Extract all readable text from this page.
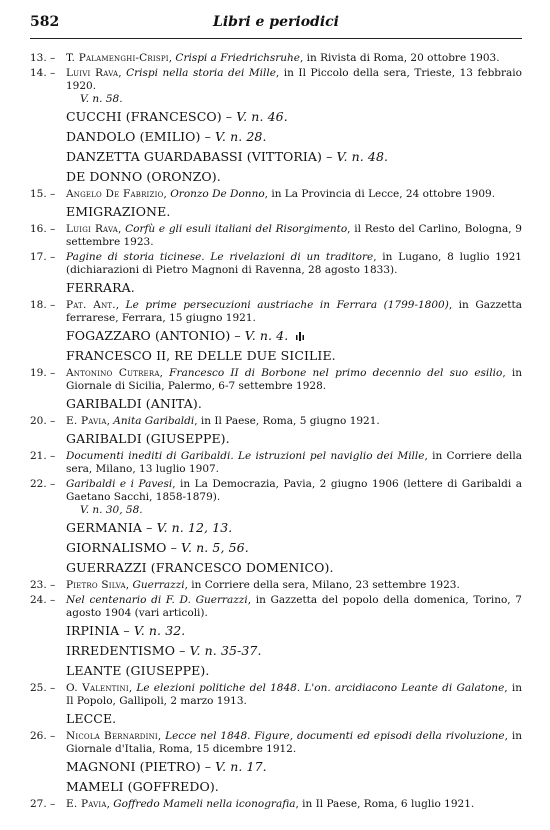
582	Libri e periodici
13. –	T. Palamenghi-Crispi, Crispi a Friedrichsruhe, in Rivista di Roma, 20 ottobre 1903.
14. –	Luivi Rava, Crispi nella storia dei Mille, in Il Piccolo della sera, Trieste, 13 febbraio 1920.
V. n. 58.
CUCCHI (FRANCESCO) – V. n. 46.
DANDOLO (EMILIO) – V. n. 28.
DANZETTA GUARDABASSI (VITTORIA) – V. n. 48.
DE DONNO (ORONZO).
15. –	Angelo De Fabrizio, Oronzo De Donno, in La Provincia di Lecce, 24 ottobre 1909.
EMIGRAZIONE.
16. –	Luigi Rava, Corfù e gli esuli italiani del Risorgimento, il Resto del Carlino, Bologna, 9 settembre 1923.
17. –	Pagine di storia ticinese. Le rivelazioni di un traditore, in Lugano, 8 luglio 1921 (dichiarazioni di Pietro Magnoni di Ravenna, 28 agosto 1833).
FERRARA.
18. –	Pat. Ant., Le prime persecuzioni austriache in Ferrara (1799-1800), in Gazzetta ferrarese, Ferrara, 15 giugno 1921.
FOGAZZARO (ANTONIO) – V. n. 4.
FRANCESCO II, RE DELLE DUE SICILIE.
19. –	Antonino Cutrera, Francesco II di Borbone nel primo decennio del suo esilio, in Giornale di Sicilia, Palermo, 6-7 settembre 1928.
GARIBALDI (ANITA).
20. –	E. Pavia, Anita Garibaldi, in Il Paese, Roma, 5 giugno 1921.
GARIBALDI (GIUSEPPE).
21. –	Documenti inediti di Garibaldi. Le istruzioni pel naviglio dei Mille, in Corriere della sera, Milano, 13 luglio 1907.
22. –	Garibaldi e i Pavesi, in La Democrazia, Pavia, 2 giugno 1906 (lettere di Garibaldi a Gaetano Sacchi, 1858-1879).
V. n. 30, 58.
GERMANIA – V. n. 12, 13.
GIORNALISMO – V. n. 5, 56.
GUERRAZZI (FRANCESCO DOMENICO).
23. –	Pietro Silva, Guerrazzi, in Corriere della sera, Milano, 23 settembre 1923.
24. –	Nel centenario di F. D. Guerrazzi, in Gazzetta del popolo della domenica, Torino, 7 agosto 1904 (vari articoli).
IRPINIA – V. n. 32.
IRREDENTISMO – V. n. 35-37.
LEANTE (GIUSEPPE).
25. –	O. Valentini, Le elezioni politiche del 1848. L'on. arcidiacono Leante di Galatone, in Il Popolo, Gallipoli, 2 marzo 1913.
LECCE.
26. –	Nicola Bernardini, Lecce nel 1848. Figure, documenti ed episodi della rivoluzione, in Giornale d'Italia, Roma, 15 dicembre 1912.
MAGNONI (PIETRO) – V. n. 17.
MAMELI (GOFFREDO).
27. –	E. Pavia, Goffredo Mameli nella iconografia, in Il Paese, Roma, 6 luglio 1921.
